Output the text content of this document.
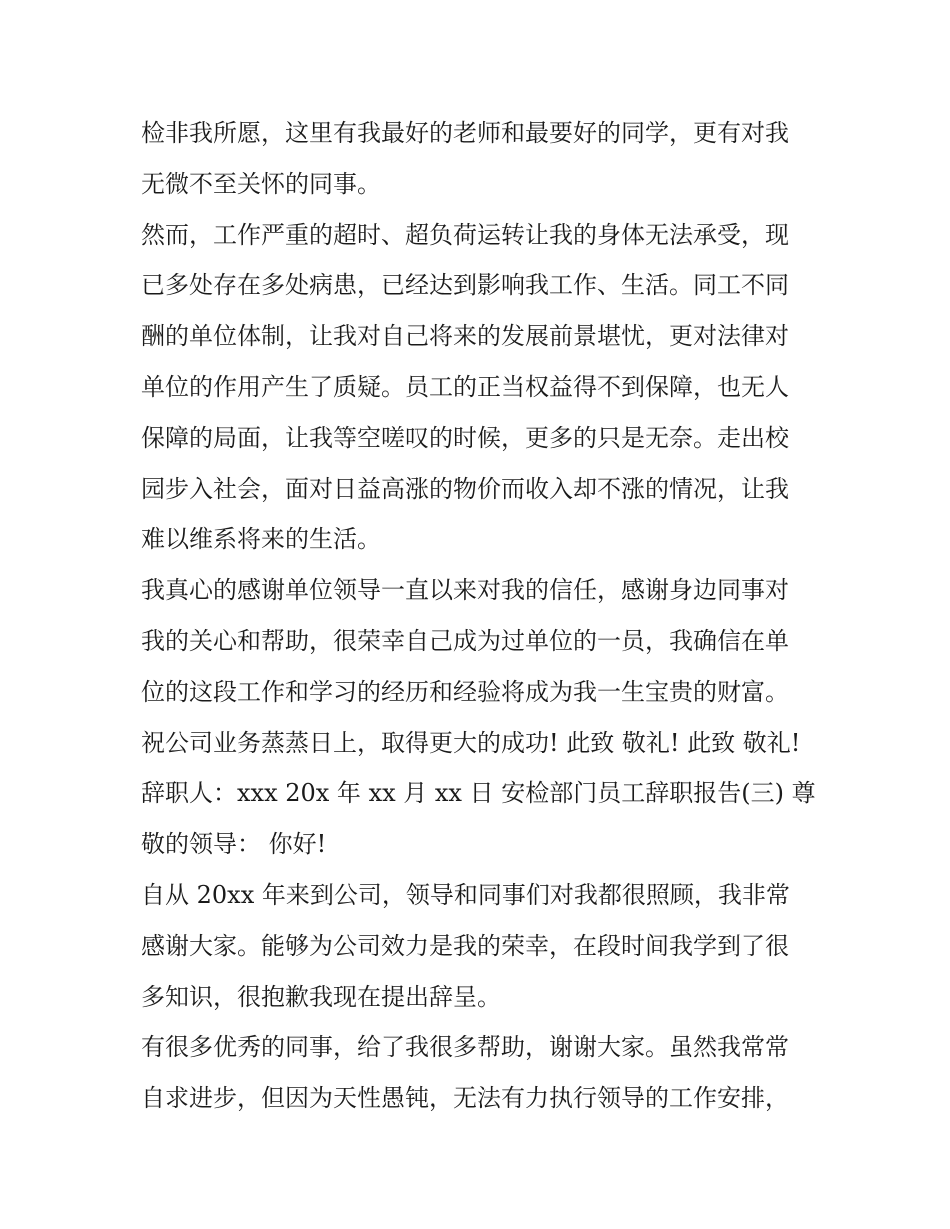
检非我所愿，这里有我最好的老师和最要好的同学，更有对我
无微不至关怀的同事。
然而，工作严重的超时、超负荷运转让我的身体无法承受，现
已多处存在多处病患，已经达到影响我工作、生活。同工不同
酬的单位体制，让我对自己将来的发展前景堪忧，更对法律对
单位的作用产生了质疑。员工的正当权益得不到保障，也无人
保障的局面，让我等空嗟叹的时候，更多的只是无奈。走出校
园步入社会，面对日益高涨的物价而收入却不涨的情况，让我
难以维系将来的生活。
我真心的感谢单位领导一直以来对我的信任，感谢身边同事对
我的关心和帮助，很荣幸自己成为过单位的一员，我确信在单
位的这段工作和学习的经历和经验将成为我一生宝贵的财富。
祝公司业务蒸蒸日上，取得更大的成功! 此致 敬礼! 此致 敬礼!
辞职人：xxx 20x 年 xx 月 xx 日 安检部门员工辞职报告(三) 尊
敬的领导： 你好!
自从 20xx 年来到公司，领导和同事们对我都很照顾，我非常
感谢大家。能够为公司效力是我的荣幸，在段时间我学到了很
多知识，很抱歉我现在提出辞呈。
有很多优秀的同事，给了我很多帮助，谢谢大家。虽然我常常
自求进步，但因为天性愚钝，无法有力执行领导的工作安排，
